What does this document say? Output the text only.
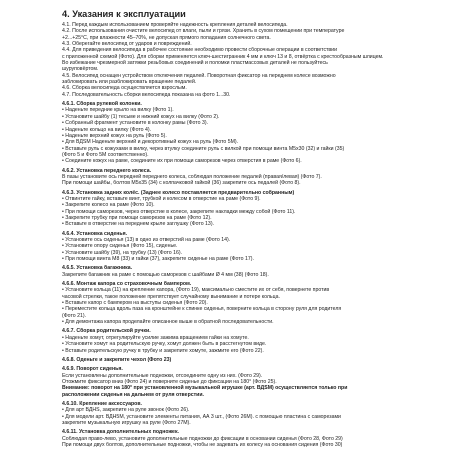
4. Указания к эксплуатации
4.1. Перед каждым использованием проверяйте надежность крепления деталей велосипеда.
4.2. После использования очистите велосипед от влаги, пыли и грязи. Хранить в сухом помещении при температуре
+2...+25°C, при влажности 45–70%, не допуская прямого попадания солнечного света.
4.3. Оберегайте велосипед от ударов и повреждений.
4.4. Для приведения велосипеда в рабочее состояние необходимо провести сборочные операции в соответствии
с приложенной схемой (Фото). Для сборки применяется ключ-шестигранник 4 мм и ключ 13 и 8, отвёртка с крестообразным шлицем.
Во избежание чрезмерной затяжки резьбовых соединений и поломки пластмассовых деталей не пользуйтесь
шуруповёртом.
4.5. Велосипед оснащен устройством отключения педалей. Поворотная фиксатор на переднем колесе возможно
заблокировать или разблокировать вращение педалей.
4.6. Сборка велосипеда осуществляется взрослым.
4.7. Последовательность сборки велосипеда показана на фото 1...30.
4.6.1. Сборка рулевой колонки.
• Наденьте передние крыло на вилку (Фото 1).
• Установите шайбу (1) тесьме и нижний кожух на вилку (Фото 2).
• Собранный фрагмент установите в колонку рамы (Фото 3).
• Наденьте кольцо на вилку (Фото 4).
• Наденьте верхний кожух на руль (Фото 5).
• Для ВДSМ Наденьте верхний и декоротивный кожух на руль (Фото 5М).
• Вставьте руль с кожухами в вилку, через втулку соедините руль с вилкой при помощи винта М5х30 (32) и гайки (35)
(Фото 5 и Фото 5М соответственно).
• Соедините кожух на раме, соедините их при помощи саморезов через отверстия в раме (Фото 6).
4.6.2. Установка переднего колеса.
В пазы установите ось передней переднего колеса, соблюдая положение педалей (правая/левая) (Фото 7).
При помощи шайбы, болтов М5х35 (34) с колпачковой гайкой (36) закрепите ось педалей (Фото 8).
4.6.3. Установка задних колёс. (Заднее колесо поставляется предварительно собранным)
• Отвинтите гайку, вставьте винт, трубкой и колесом в отверстие на раме (Фото 9).
• Закрепите колесо на раме (Фото 10).
• При помощи саморезов, через отверстие в колесе, закрепите накладки между собой (Фото 11).
• Закрепите трубку при помощи саморезов на раме (Фото 12).
• Вставьте в отверстие на переднем крыле заглушку (Фото 13).
4.6.4. Установка сиденья.
• Установите ось сиденья (13) в одно из отверстий на раме (Фото 14).
• Установите опору сиденья (Фото 15), сиденье.
• Установите шайбу (39), на трубку (13) (Фото 16).
• При помощи винта М8 (33) и гайки (37), закрепите сиденье на раме (Фото 17).
4.6.5. Установка багажника.
Закрепите багажник на раме с помощью саморезов с шайбами Ø 4 мм (38) (Фото 18).
4.6.6. Монтаж капора со страховочным бампером.
• Установите кольца (11) на крепление капора, (Фото 19), максимально сместите их от себя, повернете против
часовой стрелки, такое положение препятствует случайному вынимание и потере кольца.
• Вставьте капор с бампером на выступы сиденья (Фото 20).
• Переместите кольца вдоль паза на кронштейне к спинке сиденья, поверните кольца в сторону руля для родителя
(Фото 21).
• Для демонтажа капора проделайте описанное выше в обратной последовательности.
4.6.7. Сборка родительской ручки.
• Наденьте хомут, отрегулируйте усилие зажима вращением гайки на хомуте.
• Установите хомут на родительскую ручку, хомут должен быть в расстегнутом виде.
• Вставьте родительскую ручку в трубку и закрепите хомуте, зажмите его (Фото 22).
4.6.8. Оденьте и закрепите чехол (Фото 23)
4.6.9. Поворот сиденья.
Если установлены дополнительные подножки, отсоедините одну из них. (Фото 29).
Отожмите фиксатор вниз (Фото 24) и поверните сиденье до фиксации на 180° (Фото 25).
Внимание: поворот на 180° при установленной музыкальной игрушке (арт. ВДSМ) осуществляется только при
расположении сиденья на дальнем от руля отверстии.
4.6.10. Крепление аксессуаров.
• Для арт ВДНS, закрепите на руле звонок (Фото 26).
• Для модели арт. ВДН5М, установите элементы питания, АА 3 шт., (Фото 26М). с помощью пластина с саморезами
закрепите музыкальную игрушку на руле (Фото 27М).
4.6.11. Установка дополнительных подножек.
Соблюдая право-лево, установите дополнительные подножки до фиксации в основании сиденья (Фото 28, Фото 29)
При помощи двух болтов, дополнительные подножки, чтобы не задевать их колесу на основания сидения (Фото 30)
